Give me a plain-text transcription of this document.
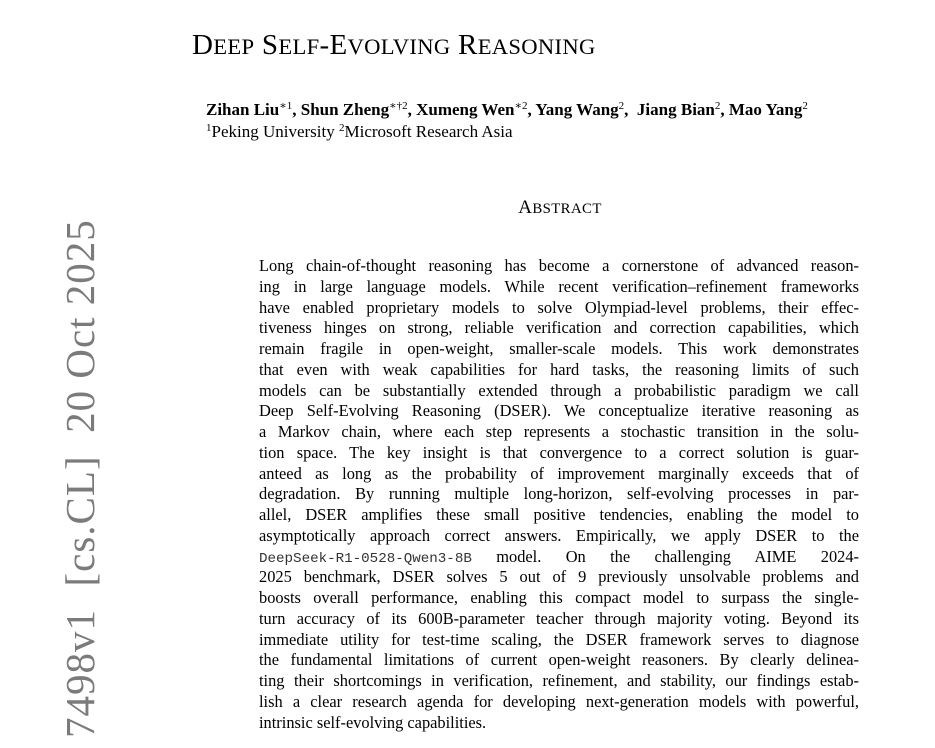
DEEP SELF-EVOLVING REASONING
Zihan Liu$^{∗1}$, Shun Zheng$^{∗\dagger 2}$, Xumeng Wen$^{∗2}$, Yang Wang$^2$,  Jiang Bian$^2$, Mao Yang$^2$
$^1$Peking University $^2$Microsoft Research Asia
ABSTRACT
Long chain-of-thought reasoning has become a cornerstone of advanced reason-
ing in large language models. While recent verification–refinement frameworks
have enabled proprietary models to solve Olympiad-level problems, their effec-
tiveness hinges on strong, reliable verification and correction capabilities, which
remain fragile in open-weight, smaller-scale models. This work demonstrates
that even with weak capabilities for hard tasks, the reasoning limits of such
models can be substantially extended through a probabilistic paradigm we call
Deep Self-Evolving Reasoning (DSER). We conceptualize iterative reasoning as
a Markov chain, where each step represents a stochastic transition in the solu-
tion space. The key insight is that convergence to a correct solution is guar-
anteed as long as the probability of improvement marginally exceeds that of
degradation. By running multiple long-horizon, self-evolving processes in par-
allel, DSER amplifies these small positive tendencies, enabling the model to
asymptotically approach correct answers. Empirically, we apply DSER to the
DeepSeek-R1-0528-Qwen3-8B model. On the challenging AIME 2024-
2025 benchmark, DSER solves 5 out of 9 previously unsolvable problems and
boosts overall performance, enabling this compact model to surpass the single-
turn accuracy of its 600B-parameter teacher through majority voting. Beyond its
immediate utility for test-time scaling, the DSER framework serves to diagnose
the fundamental limitations of current open-weight reasoners. By clearly delinea-
ting their shortcomings in verification, refinement, and stability, our findings estab-
lish a clear research agenda for developing next-generation models with powerful,
intrinsic self-evolving capabilities.
7498v1  [cs.CL]  20 Oct 2025
